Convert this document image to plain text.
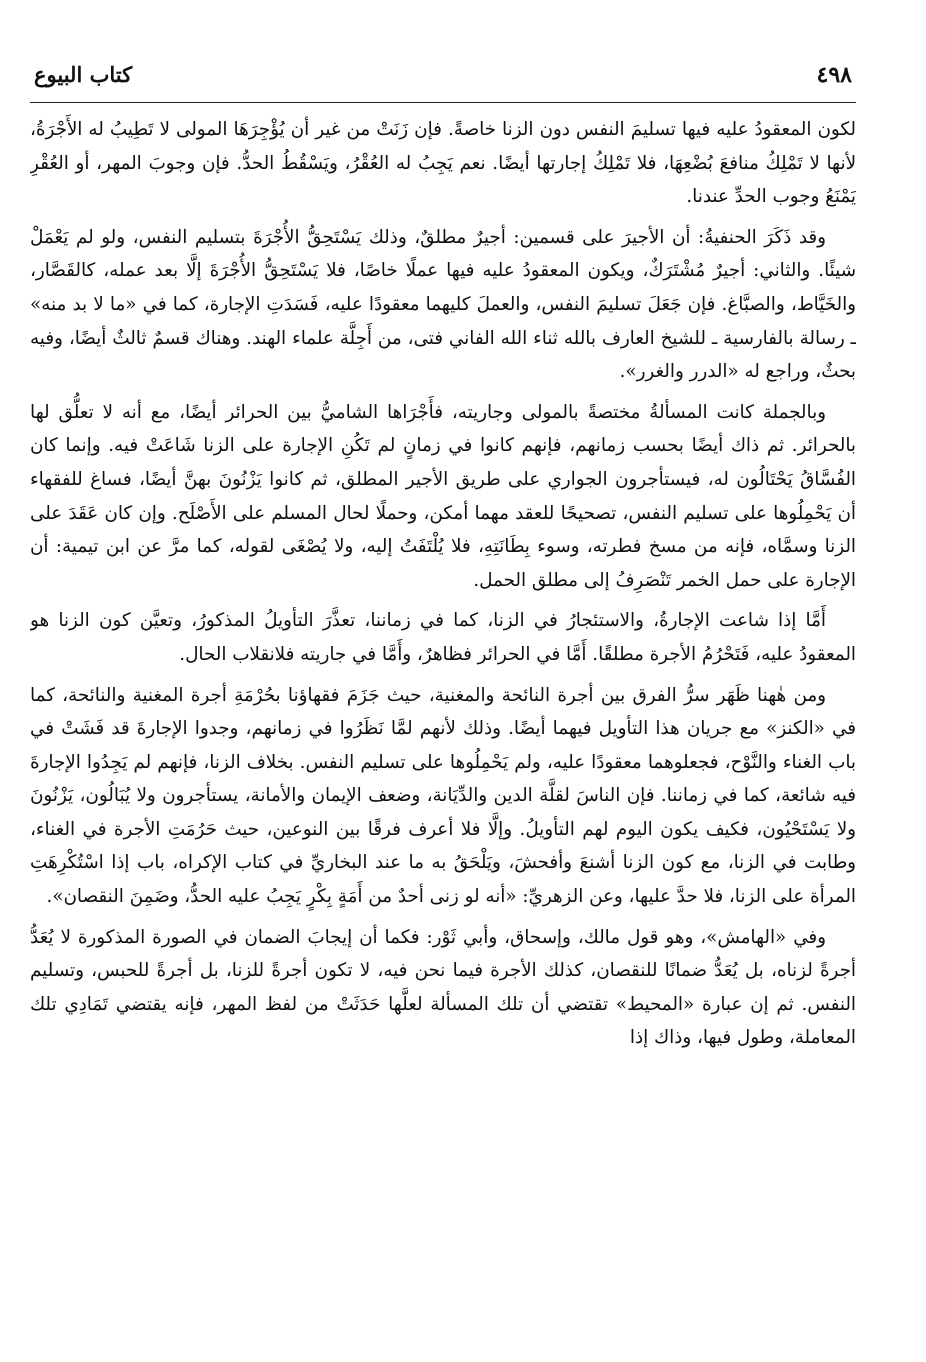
٤٩٨
كتاب البيوع

لكون المعقودُ عليه فيها تسليمَ النفس دون الزنا خاصةً. فإن زَنَتْ من غير أن يُؤْجِرَهَا المولى لا تَطِيبُ له الأَجْرَةُ، لأنها لا تَمْلِكُ منافعَ بُضْعِهَا، فلا تَمْلِكُ إجارتها أيضًا. نعم يَجِبُ له العُقْرُ، ويَسْقُطُ الحدُّ. فإن وجوبَ المهر، أو العُقْرِ يَمْنَعُ وجوب الحدِّ عندنا.

وقد ذَكَرَ الحنفيةُ: أن الأجيرَ على قسمين: أجيرٌ مطلقٌ، وذلك يَسْتَحِقُّ الأُجْرَةَ بتسليم النفس، ولو لم يَعْمَلْ شيئًا. والثاني: أجيرٌ مُشْتَرَكٌ، ويكون المعقودُ عليه فيها عملًا خاصًا، فلا يَسْتَحِقُّ الأُجْرَةَ إلَّا بعد عمله، كالقَصَّار، والخَيَّاط، والصبَّاغ. فإن جَعَلَ تسليمَ النفس، والعملَ كليهما معقودًا عليه، فَسَدَتِ الإجارة، كما في «ما لا بد منه» ـ رسالة بالفارسية ـ للشيخ العارف بالله ثناء الله الفاني فتى، من أَجِلَّة علماء الهند. وهناك قسمٌ ثالثٌ أيضًا، وفيه بحثٌ، وراجع له «الدرر والغرر».

وبالجملة كانت المسألةُ مختصةً بالمولى وجاريته، فأَجْرَاها الشاميُّ بين الحرائر أيضًا، مع أنه لا تعلُّق لها بالحرائر. ثم ذاك أيضًا بحسب زمانهم، فإنهم كانوا في زمانٍ لم تَكُنِ الإجارة على الزنا شَاعَتْ فيه. وإنما كان الفُسَّاقُ يَحْتَالُون له، فيستأجرون الجواري على طريق الأجير المطلق، ثم كانوا يَزْنُونَ بهنَّ أيضًا، فساغ للفقهاء أن يَحْمِلُوها على تسليم النفس، تصحيحًا للعقد مهما أمكن، وحملًا لحال المسلم على الأَصْلَح. وإن كان عَقَدَ على الزنا وسمَّاه، فإنه من مسخ فطرته، وسوء بِطَانَتِهِ، فلا يُلْتَفَتُ إليه، ولا يُصْغَى لقوله، كما مرَّ عن ابن تيمية: أن الإجارة على حمل الخمر تَنْصَرِفُ إلى مطلق الحمل.

أَمَّا إذا شاعت الإجارةُ، والاستئجارُ في الزنا، كما في زماننا، تعذَّرَ التأويلُ المذكورُ، وتعيَّن كون الزنا هو المعقودُ عليه، فَتَحْرُمُ الأجرة مطلقًا. أَمَّا في الحرائر فظاهرٌ، وأَمَّا في جاريته فلانقلاب الحال.

ومن هٰهنا ظَهَر سرُّ الفرق بين أجرة النائحة والمغنية، حيث جَزَمَ فقهاؤنا بحُرْمَةِ أجرة المغنية والنائحة، كما في «الكنز» مع جريان هذا التأويل فيهما أيضًا. وذلك لأنهم لمَّا نَظَرُوا في زمانهم، وجدوا الإجارةَ قد فَشَتْ في باب الغناء والنَّوْح، فجعلوهما معقودًا عليه، ولم يَحْمِلُوها على تسليم النفس. بخلاف الزنا، فإنهم لم يَجِدُوا الإجارةَ فيه شائعة، كما في زماننا. فإن الناسَ لقلَّة الدين والدِّيَانة، وضعف الإيمان والأمانة، يستأجرون ولا يُبَالُون، يَزْنُونَ ولا يَسْتَحْيُون، فكيف يكون اليوم لهم التأويلُ. وإلَّا فلا أعرف فرقًا بين النوعين، حيث حَرُمَتِ الأجرة في الغناء، وطابت في الزنا، مع كون الزنا أشنعَ وأفحشَ، ويَلْحَقُ به ما عند البخاريِّ في كتاب الإكراه، باب إذا اسْتُكْرِهَتِ المرأة على الزنا، فلا حدَّ عليها، وعن الزهريِّ: «أنه لو زنى أحدٌ من أَمَةٍ بِكْرٍ يَجِبُ عليه الحدُّ، وضَمِنَ النقصان».

وفي «الهامش»، وهو قول مالك، وإسحاق، وأبي ثَوْر: فكما أن إيجابَ الضمان في الصورة المذكورة لا يُعَدُّ أجرةً لزناه، بل يُعَدُّ ضمانًا للنقصان، كذلك الأجرة فيما نحن فيه، لا تكون أجرةً للزنا، بل أجرةً للحبس، وتسليم النفس. ثم إن عبارة «المحيط» تقتضي أن تلك المسألة لعلَّها حَدَثَتْ من لفظ المهر، فإنه يقتضي تَمَادِي تلك المعاملة، وطول فيها، وذاك إذا
